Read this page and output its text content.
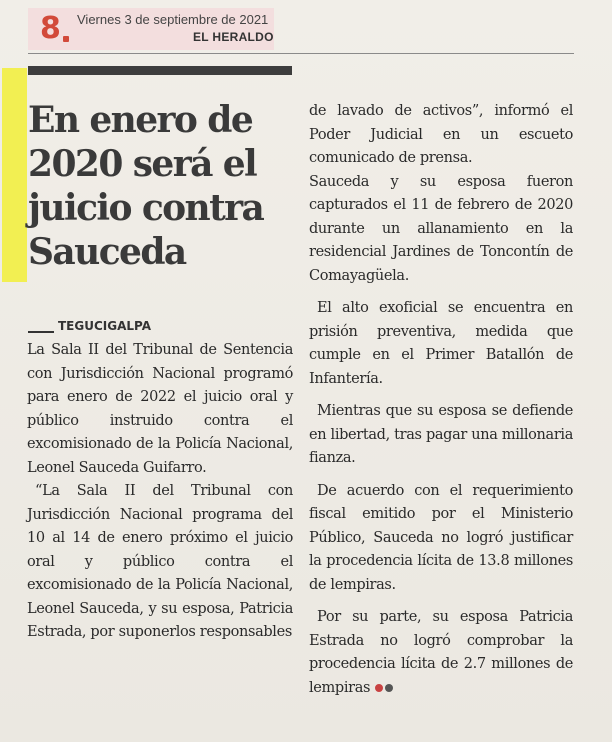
8 Viernes 3 de septiembre de 2021
EL HERALDO
En enero de 2020 será el juicio contra Sauceda
TEGUCIGALPA

La Sala II del Tribunal de Sentencia con Jurisdicción Nacional programó para enero de 2022 el juicio oral y público instruido contra el excomisionado de la Policía Nacional, Leonel Sauceda Guifarro.

“La Sala II del Tribunal con Jurisdicción Nacional programa del 10 al 14 de enero próximo el juicio oral y público contra el excomisionado de la Policía Nacional, Leonel Sauceda, y su esposa, Patricia Estrada, por suponerlos responsables

de lavado de activos”, informó el Poder Judicial en un escueto comunicado de prensa.

Sauceda y su esposa fueron capturados el 11 de febrero de 2020 durante un allanamiento en la residencial Jardines de Toncontín de Comayagüela.

El alto exoficial se encuentra en prisión preventiva, medida que cumple en el Primer Batallón de Infantería.

Mientras que su esposa se defiende en libertad, tras pagar una millonaria fianza.

De acuerdo con el requerimiento fiscal emitido por el Ministerio Público, Sauceda no logró justificar la procedencia lícita de 13.8 millones de lempiras.

Por su parte, su esposa Patricia Estrada no logró comprobar la procedencia lícita de 2.7 millones de lempiras
